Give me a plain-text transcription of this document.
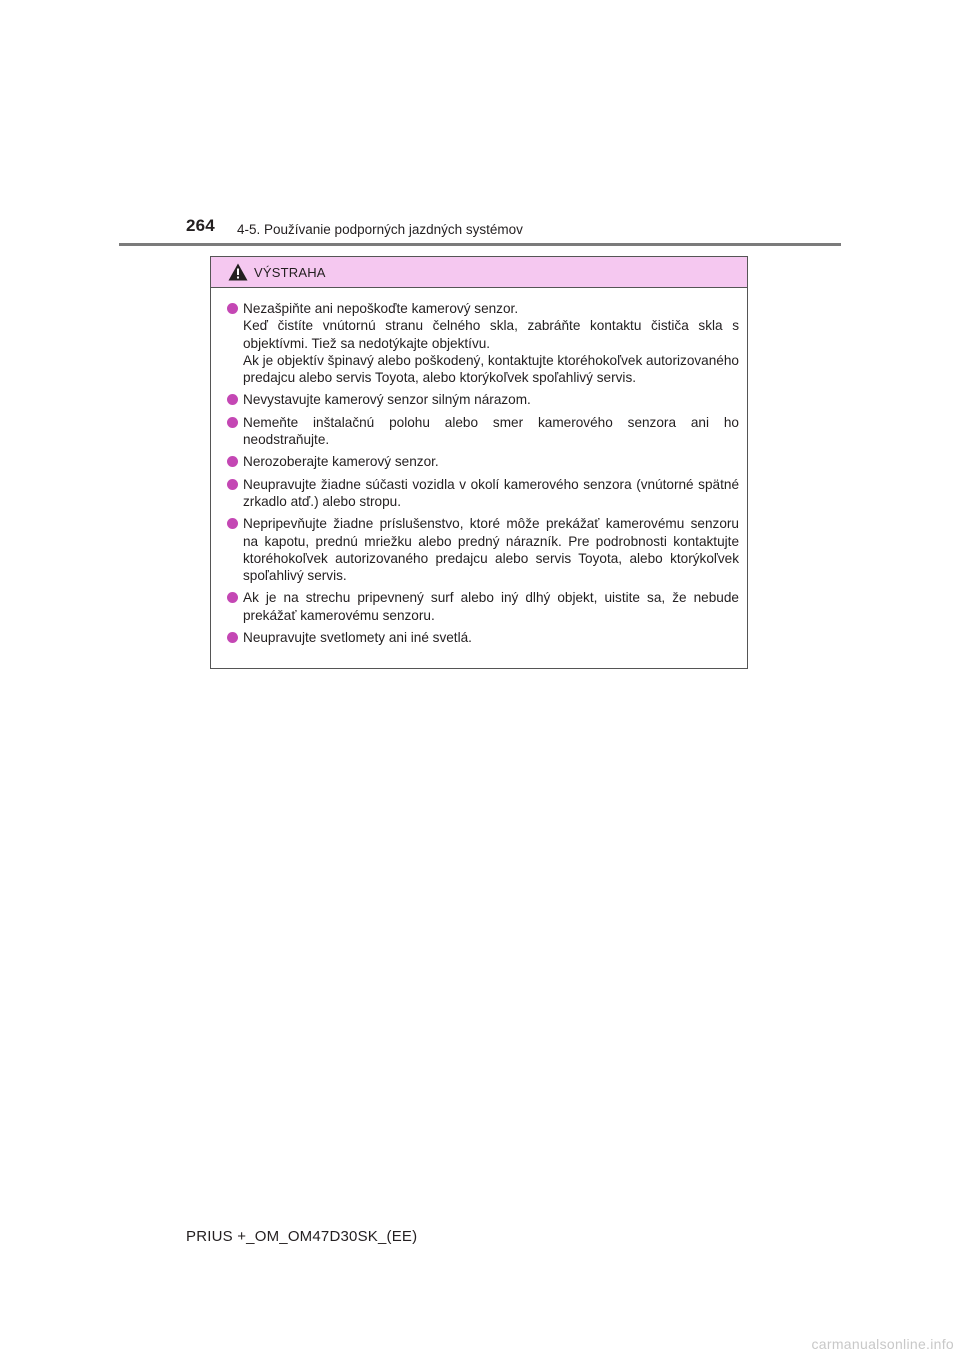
264 4-5. Používanie podporných jazdných systémov
VÝSTRAHA
Nezašpiňte ani nepoškoďte kamerový senzor.
Keď čistíte vnútornú stranu čelného skla, zabráňte kontaktu čističa skla s objektívmi. Tiež sa nedotýkajte objektívu.
Ak je objektív špinavý alebo poškodený, kontaktujte ktoréhokoľvek autorizovaného predajcu alebo servis Toyota, alebo ktorýkoľvek spoľahlivý servis.
Nevystavujte kamerový senzor silným nárazom.
Nemeňte inštalačnú polohu alebo smer kamerového senzora ani ho neodstraňujte.
Nerozoberajte kamerový senzor.
Neupravujte žiadne súčasti vozidla v okolí kamerového senzora (vnútorné spätné zrkadlo atď.) alebo stropu.
Nepripevňujte žiadne príslušenstvo, ktoré môže prekážať kamerovému senzoru na kapotu, prednú mriežku alebo predný nárazník. Pre podrobnosti kontaktujte ktoréhokoľvek autorizovaného predajcu alebo servis Toyota, alebo ktorýkoľvek spoľahlivý servis.
Ak je na strechu pripevnený surf alebo iný dlhý objekt, uistite sa, že nebude prekážať kamerovému senzoru.
Neupravujte svetlomety ani iné svetlá.
PRIUS +_OM_OM47D30SK_(EE)
carmanualsonline.info
